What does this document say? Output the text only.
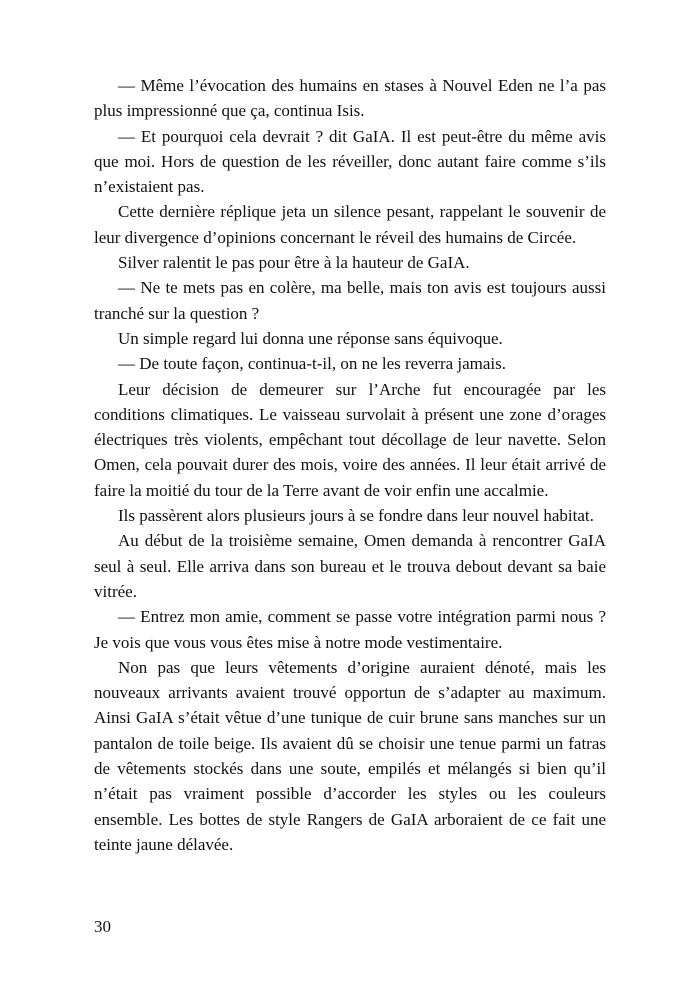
— Même l’évocation des humains en stases à Nouvel Eden ne l’a pas plus impressionné que ça, continua Isis.

— Et pourquoi cela devrait ? dit GaIA. Il est peut-être du même avis que moi. Hors de question de les réveiller, donc autant faire comme s’ils n’existaient pas.

Cette dernière réplique jeta un silence pesant, rappelant le souvenir de leur divergence d’opinions concernant le réveil des humains de Circée.

Silver ralentit le pas pour être à la hauteur de GaIA.

— Ne te mets pas en colère, ma belle, mais ton avis est toujours aussi tranché sur la question ?

Un simple regard lui donna une réponse sans équivoque.

— De toute façon, continua-t-il, on ne les reverra jamais.

Leur décision de demeurer sur l’Arche fut encouragée par les conditions climatiques. Le vaisseau survolait à présent une zone d’orages électriques très violents, empêchant tout décollage de leur navette. Selon Omen, cela pouvait durer des mois, voire des années. Il leur était arrivé de faire la moitié du tour de la Terre avant de voir enfin une accalmie.

Ils passèrent alors plusieurs jours à se fondre dans leur nouvel habitat.

Au début de la troisième semaine, Omen demanda à rencontrer GaIA seul à seul. Elle arriva dans son bureau et le trouva debout devant sa baie vitrée.

— Entrez mon amie, comment se passe votre intégration parmi nous ? Je vois que vous vous êtes mise à notre mode vestimentaire.

Non pas que leurs vêtements d’origine auraient dénoté, mais les nouveaux arrivants avaient trouvé opportun de s’adapter au maximum. Ainsi GaIA s’était vêtue d’une tunique de cuir brune sans manches sur un pantalon de toile beige. Ils avaient dû se choisir une tenue parmi un fatras de vêtements stockés dans une soute, empilés et mélangés si bien qu’il n’était pas vraiment possible d’accorder les styles ou les couleurs ensemble. Les bottes de style Rangers de GaIA arboraient de ce fait une teinte jaune délavée.

30
